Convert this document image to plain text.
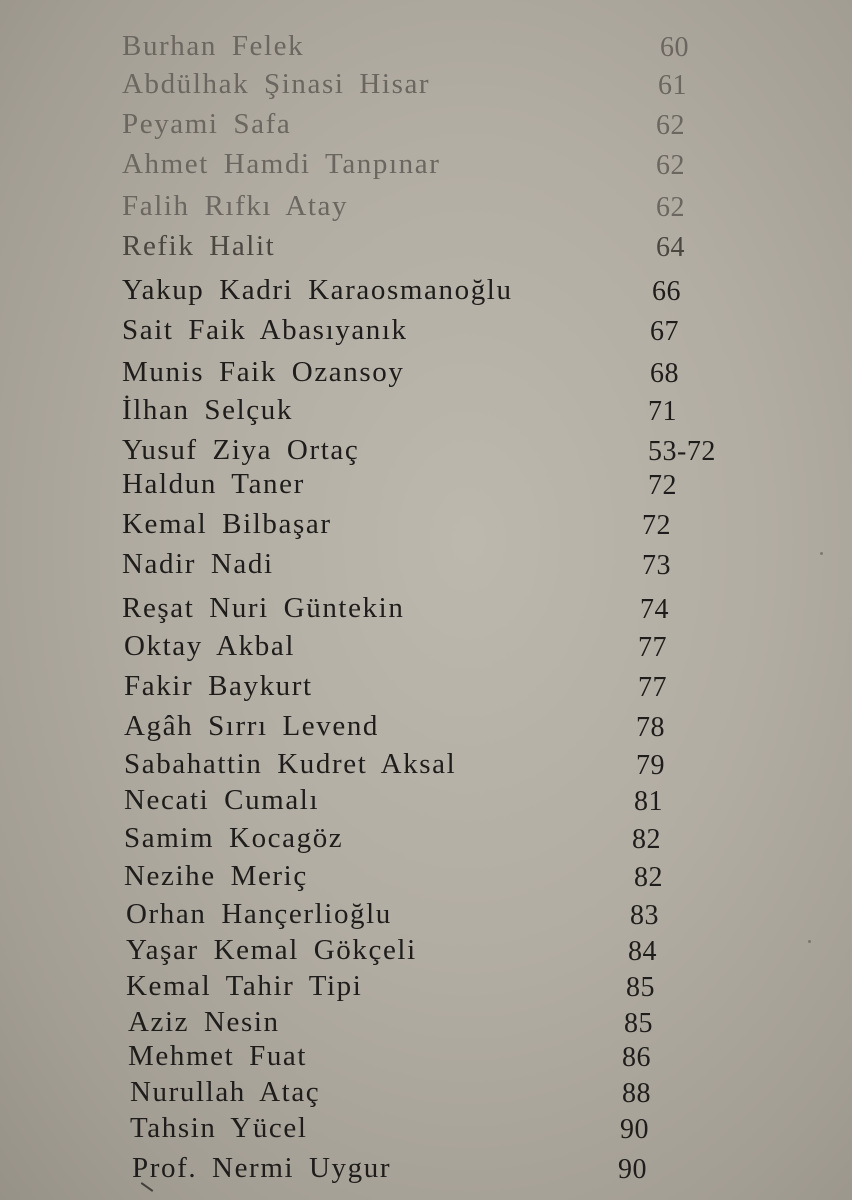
Burhan Felek	60
Abdülhak Şinasi Hisar	61
Peyami Safa	62
Ahmet Hamdi Tanpınar	62
Falih Rıfkı Atay	62
Refik Halit	64
Yakup Kadri Karaosmanoğlu	66
Sait Faik Abasıyanık	67
Munis Faik Ozansoy	68
İlhan Selçuk	71
Yusuf Ziya Ortaç	53-72
Haldun Taner	72
Kemal Bilbaşar	72
Nadir Nadi	73
Reşat Nuri Güntekin	74
Oktay Akbal	77
Fakir Baykurt	77
Agâh Sırrı Levend	78
Sabahattin Kudret Aksal	79
Necati Cumalı	81
Samim Kocagöz	82
Nezihe Meriç	82
Orhan Hançerlioğlu	83
Yaşar Kemal Gökçeli	84
Kemal Tahir Tipi	85
Aziz Nesin	85
Mehmet Fuat	86
Nurullah Ataç	88
Tahsin Yücel	90
Prof. Nermi Uygur	90
